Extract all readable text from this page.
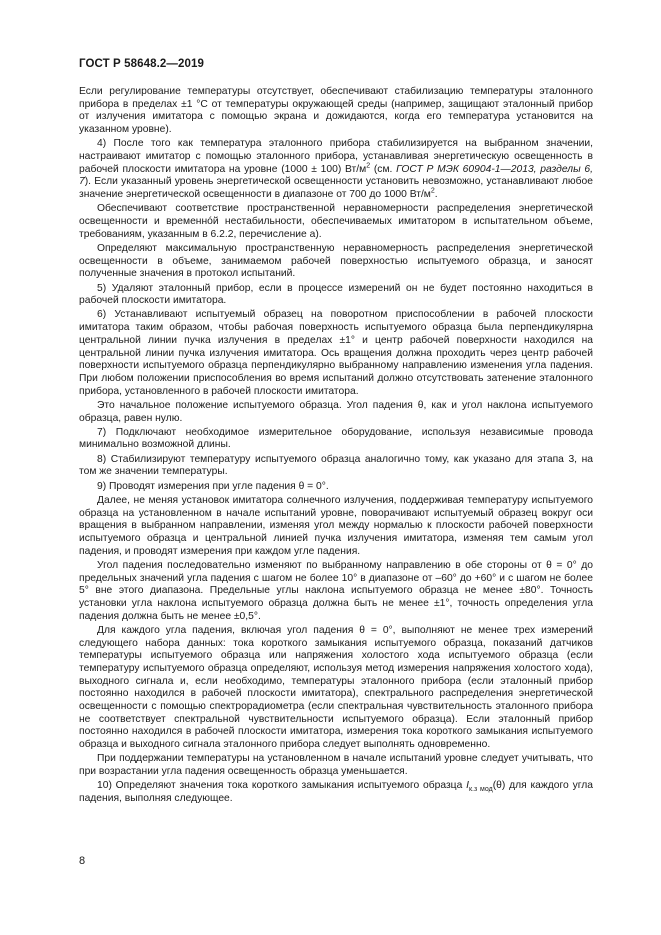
ГОСТ Р 58648.2—2019

Если регулирование температуры отсутствует, обеспечивают стабилизацию температуры эталонного прибора в пределах ±1 °С от температуры окружающей среды (например, защищают эталонный прибор от излучения имитатора с помощью экрана и дожидаются, когда его температура установится на указанном уровне).

4) После того как температура эталонного прибора стабилизируется на выбранном значении, настраивают имитатор с помощью эталонного прибора, устанавливая энергетическую освещенность в рабочей плоскости имитатора на уровне (1000 ± 100) $Вт/м^2$ (см. ГОСТ Р МЭК 60904-1—2013, разделы 6, 7). Если указанный уровень энергетической освещенности установить невозможно, устанавливают любое значение энергетической освещенности в диапазоне от 700 до 1000 $Вт/м^2$.

Обеспечивают соответствие пространственной неравномерности распределения энергетической освещенности и временнóй нестабильности, обеспечиваемых имитатором в испытательном объеме, требованиям, указанным в 6.2.2, перечисление а).

Определяют максимальную пространственную неравномерность распределения энергетической освещенности в объеме, занимаемом рабочей поверхностью испытуемого образца, и заносят полученные значения в протокол испытаний.

5) Удаляют эталонный прибор, если в процессе измерений он не будет постоянно находиться в рабочей плоскости имитатора.

6) Устанавливают испытуемый образец на поворотном приспособлении в рабочей плоскости имитатора таким образом, чтобы рабочая поверхность испытуемого образца была перпендикулярна центральной линии пучка излучения в пределах ±1° и центр рабочей поверхности находился на центральной линии пучка излучения имитатора. Ось вращения должна проходить через центр рабочей поверхности испытуемого образца перпендикулярно выбранному направлению изменения угла падения. При любом положении приспособления во время испытаний должно отсутствовать затенение эталонного прибора, установленного в рабочей плоскости имитатора.

Это начальное положение испытуемого образца. Угол падения θ, как и угол наклона испытуемого образца, равен нулю.

7) Подключают необходимое измерительное оборудование, используя независимые провода минимально возможной длины.

8) Стабилизируют температуру испытуемого образца аналогично тому, как указано для этапа 3, на том же значении температуры.

9) Проводят измерения при угле падения θ = 0°.

Далее, не меняя установок имитатора солнечного излучения, поддерживая температуру испытуемого образца на установленном в начале испытаний уровне, поворачивают испытуемый образец вокруг оси вращения в выбранном направлении, изменяя угол между нормалью к плоскости рабочей поверхности испытуемого образца и центральной линией пучка излучения имитатора, изменяя тем самым угол падения, и проводят измерения при каждом угле падения.

Угол падения последовательно изменяют по выбранному направлению в обе стороны от θ = 0° до предельных значений угла падения с шагом не более 10° в диапазоне от –60° до +60° и с шагом не более 5° вне этого диапазона. Предельные углы наклона испытуемого образца не менее ±80°. Точность установки угла наклона испытуемого образца должна быть не менее ±1°, точность определения угла падения должна быть не менее ±0,5°.

Для каждого угла падения, включая угол падения θ = 0°, выполняют не менее трех измерений следующего набора данных: тока короткого замыкания испытуемого образца, показаний датчиков температуры испытуемого образца или напряжения холостого хода испытуемого образца (если температуру испытуемого образца определяют, используя метод измерения напряжения холостого хода), выходного сигнала и, если необходимо, температуры эталонного прибора (если эталонный прибор постоянно находился в рабочей плоскости имитатора), спектрального распределения энергетической освещенности с помощью спектрорадиометра (если спектральная чувствительность эталонного прибора не соответствует спектральной чувствительности испытуемого образца). Если эталонный прибор постоянно находился в рабочей плоскости имитатора, измерения тока короткого замыкания испытуемого образца и выходного сигнала эталонного прибора следует выполнять одновременно.

При поддержании температуры на установленном в начале испытаний уровне следует учитывать, что при возрастании угла падения освещенность образца уменьшается.

10) Определяют значения тока короткого замыкания испытуемого образца $I_{к.з мод}(\theta)$ для каждого угла падения, выполняя следующее.

8
